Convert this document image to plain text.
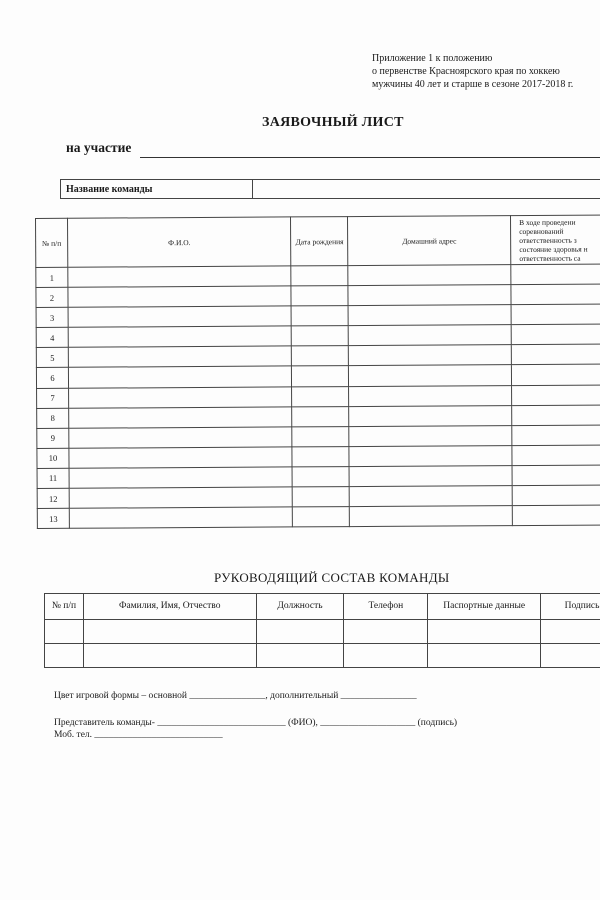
Приложение 1 к положению
о первенстве Красноярского края по хоккею
мужчины 40 лет и старше в сезоне 2017-2018 г.
ЗАЯВОЧНЫЙ ЛИСТ
на участие
Название команды	
№ п/п	Ф.И.О.	Дата рождения	Домашний адрес	В ходе проведени
соревнований
ответственность з
состояние здоровья н
ответственность са

1				
2				
3				
4				
5				
6				
7				
8				
9				
10				
11				
12				
13				
РУКОВОДЯЩИЙ СОСТАВ КОМАНДЫ
№ п/п	Фамилия, Имя, Отчество	Должность	Телефон	Паспортные данные	Подпись

Цвет игровой формы – основной ________________, дополнительный ________________
Представитель команды- ___________________________ (ФИО), ____________________ (подпись)
Моб. тел. ___________________________
